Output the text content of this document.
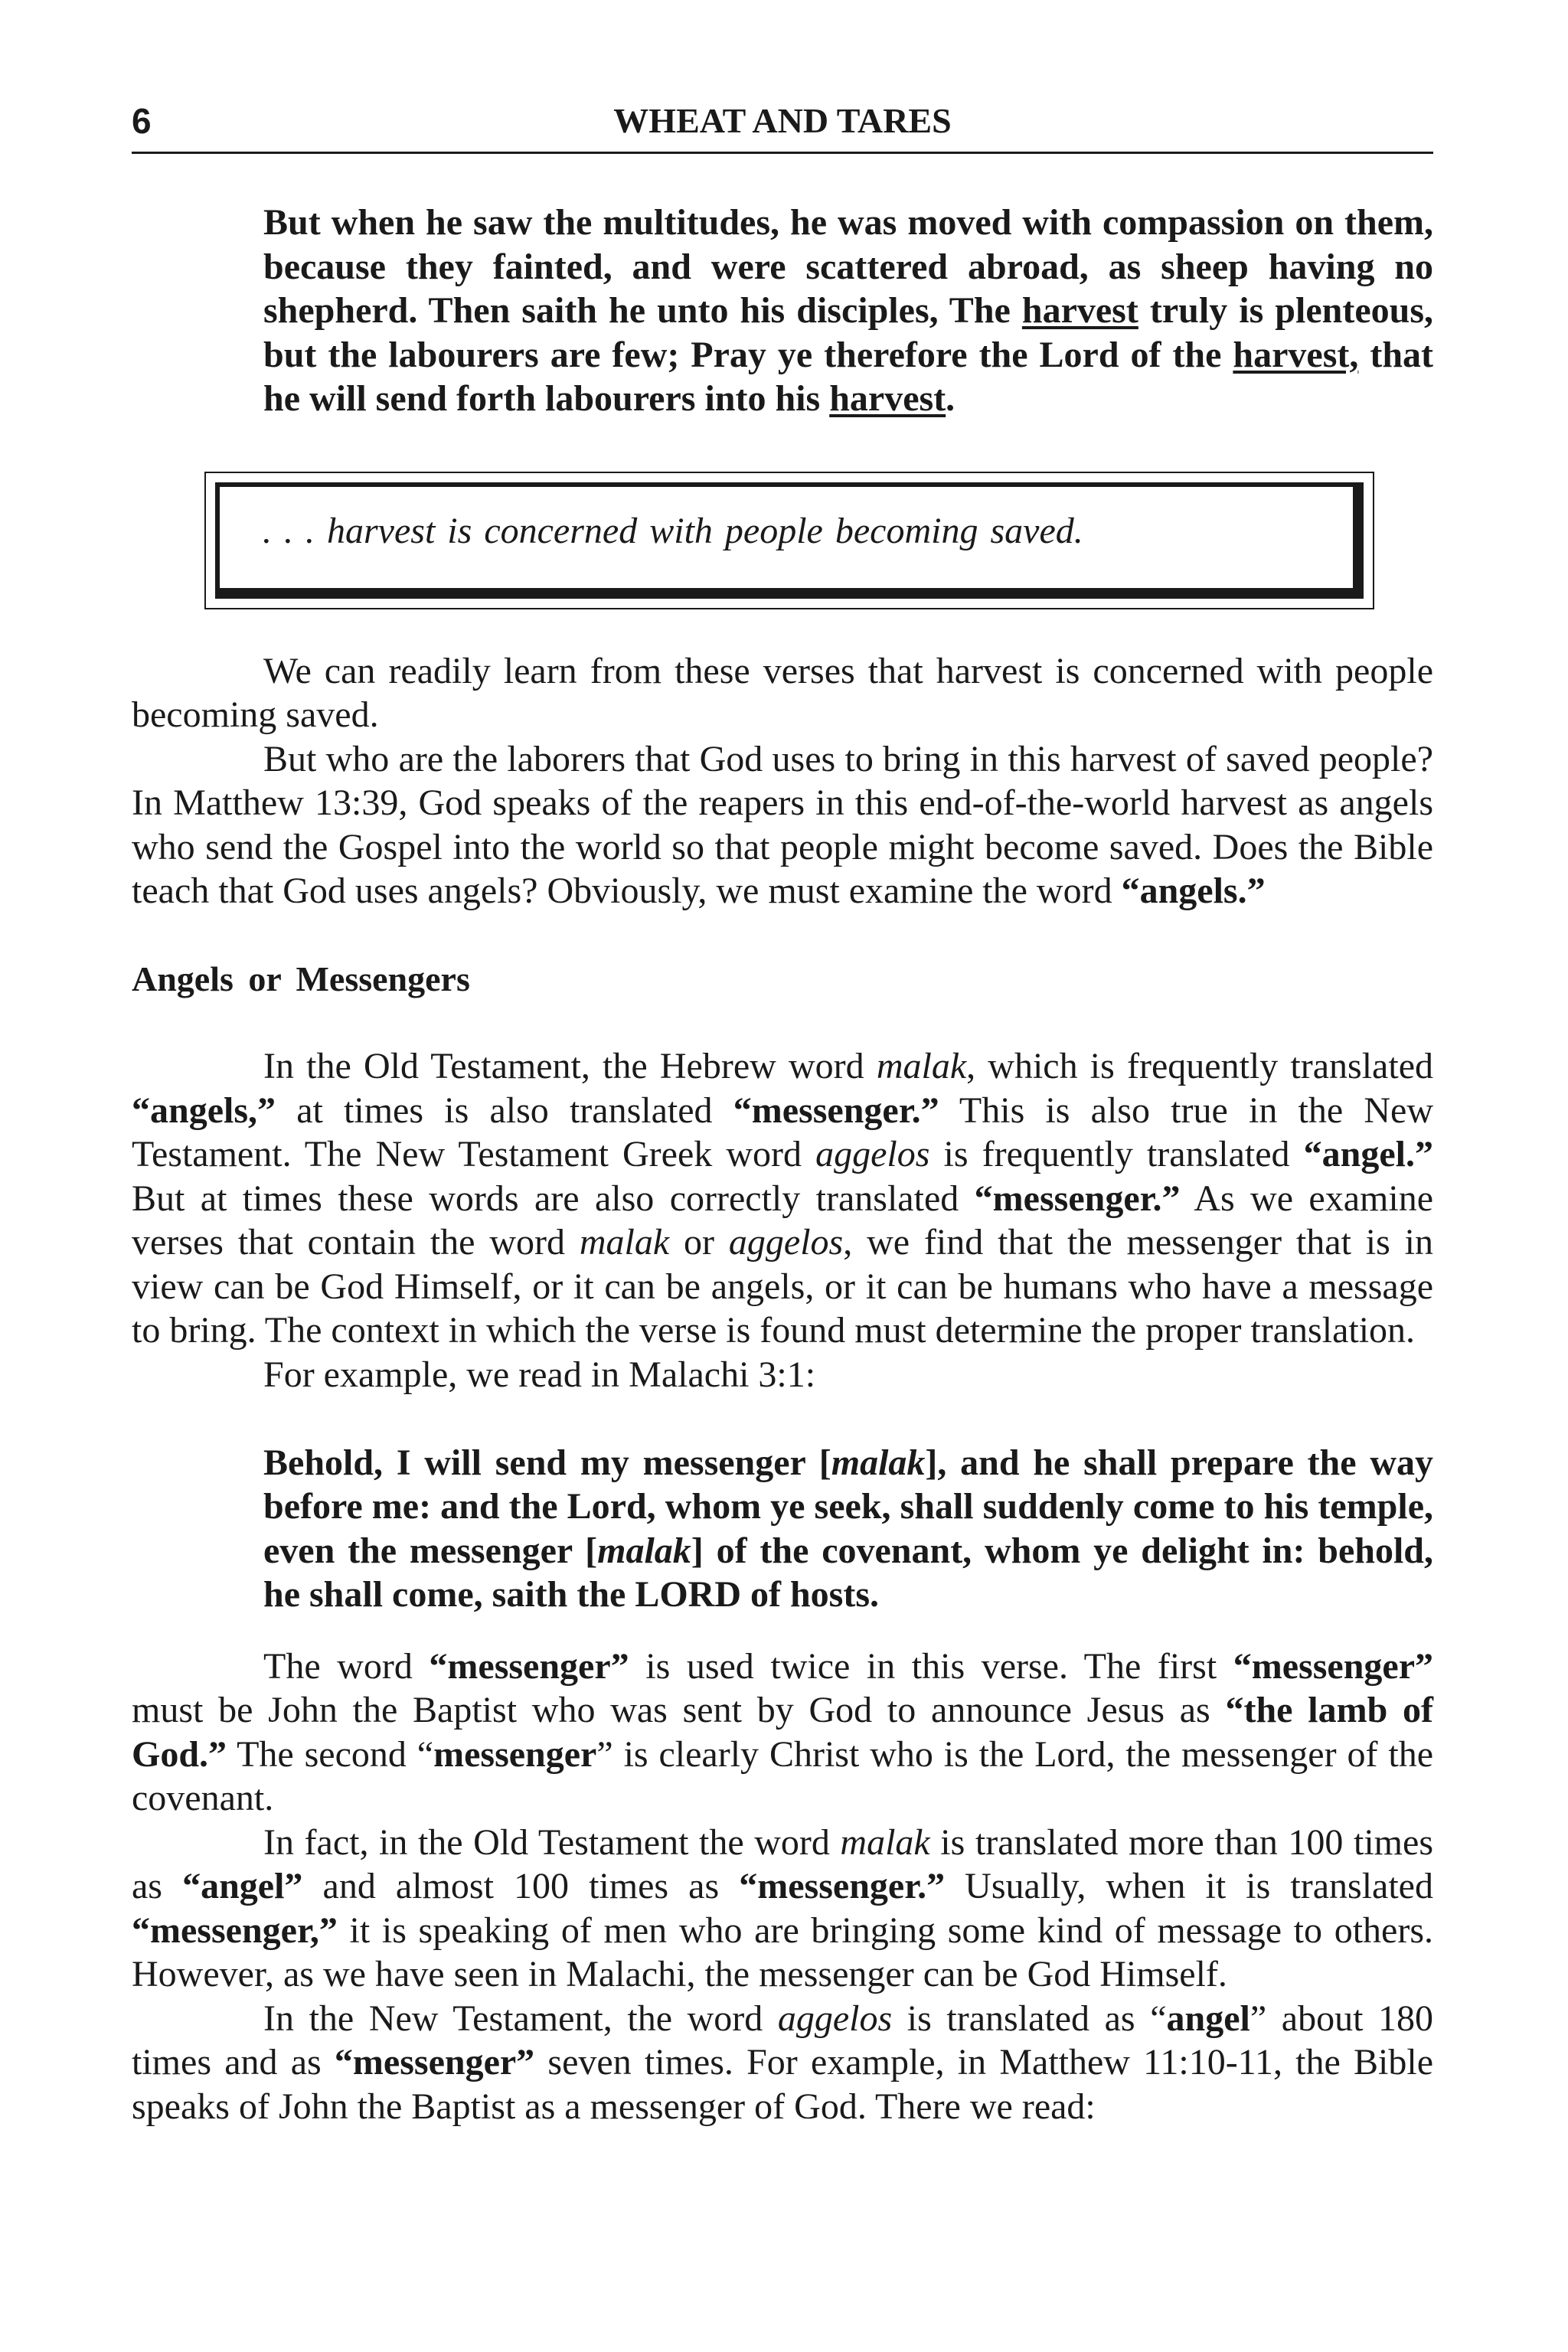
6	WHEAT AND TARES

But when he saw the multitudes, he was moved with compassion on them, because they fainted, and were scattered abroad, as sheep having no shepherd. Then saith he unto his disciples, The harvest truly is plenteous, but the labourers are few; Pray ye therefore the Lord of the harvest, that he will send forth labourers into his harvest.

. . . harvest is concerned with people becoming saved.

We can readily learn from these verses that harvest is concerned with people becoming saved.

But who are the laborers that God uses to bring in this harvest of saved people? In Matthew 13:39, God speaks of the reapers in this end-of-the-world harvest as angels who send the Gospel into the world so that people might become saved. Does the Bible teach that God uses angels? Obviously, we must examine the word “angels.”

Angels or Messengers

In the Old Testament, the Hebrew word malak, which is frequently translated “angels,” at times is also translated “messenger.” This is also true in the New Testament. The New Testament Greek word aggelos is frequently translated “angel.” But at times these words are also correctly translated “messenger.” As we examine verses that contain the word malak or aggelos, we find that the messenger that is in view can be God Himself, or it can be angels, or it can be humans who have a message to bring. The context in which the verse is found must determine the proper translation.

For example, we read in Malachi 3:1:

Behold, I will send my messenger [malak], and he shall prepare the way before me: and the Lord, whom ye seek, shall suddenly come to his temple, even the messenger [malak] of the covenant, whom ye delight in: behold, he shall come, saith the LORD of hosts.

The word “messenger” is used twice in this verse. The first “messenger” must be John the Baptist who was sent by God to announce Jesus as “the lamb of God.” The second “messenger” is clearly Christ who is the Lord, the messenger of the covenant.

In fact, in the Old Testament the word malak is translated more than 100 times as “angel” and almost 100 times as “messenger.” Usually, when it is translated “messenger,” it is speaking of men who are bringing some kind of message to others. However, as we have seen in Malachi, the messenger can be God Himself.

In the New Testament, the word aggelos is translated as “angel” about 180 times and as “messenger” seven times. For example, in Matthew 11:10-11, the Bible speaks of John the Baptist as a messenger of God. There we read:
